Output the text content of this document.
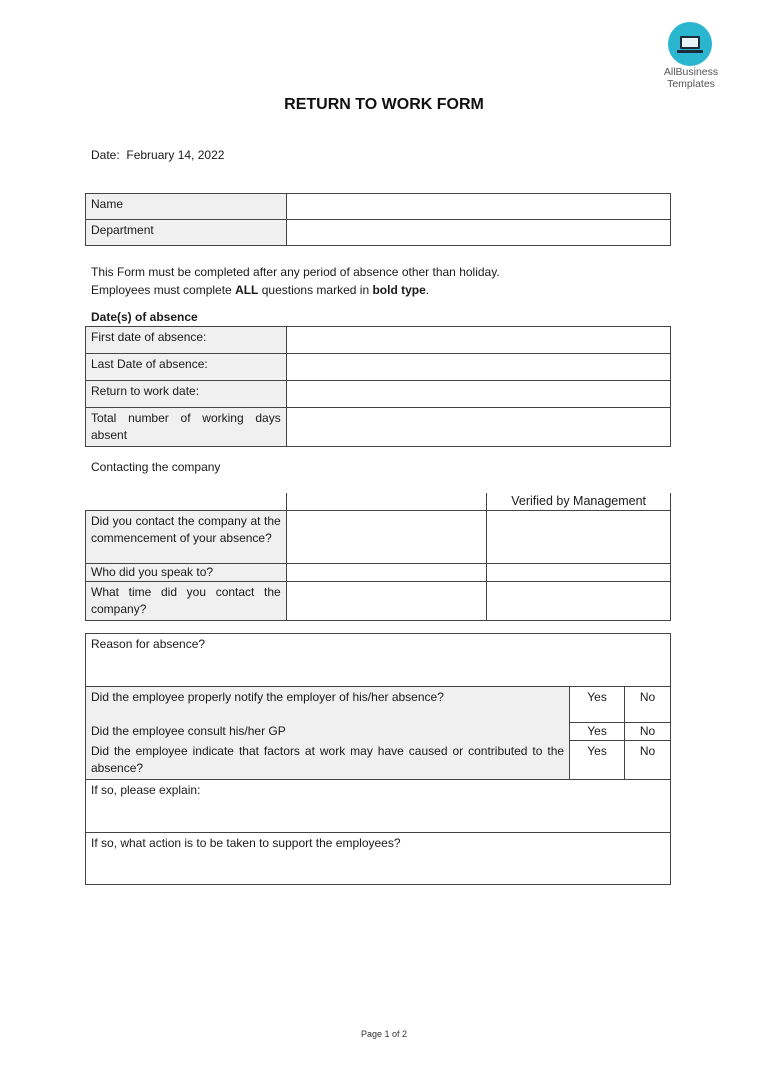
AllBusiness
Templates
RETURN TO WORK FORM
Date: February 14, 2022
Name	
Department	
This Form must be completed after any period of absence other than holiday.
Employees must complete ALL questions marked in bold type.
Date(s) of absence
First date of absence:	
Last Date of absence:	
Return to work date:	
Total number of working days absent	
Contacting the company
		Verified by Management
Did you contact the company at the commencement of your absence?		
Who did you speak to?		
What time did you contact the company?		
Reason for absence?		
Did the employee properly notify the employer of his/her absence?	Yes	No
Did the employee consult his/her GP	Yes	No
Did the employee indicate that factors at work may have caused or contributed to the absence?	Yes	No
If so, please explain:		
If so, what action is to be taken to support the employees?		
Page 1 of 2
